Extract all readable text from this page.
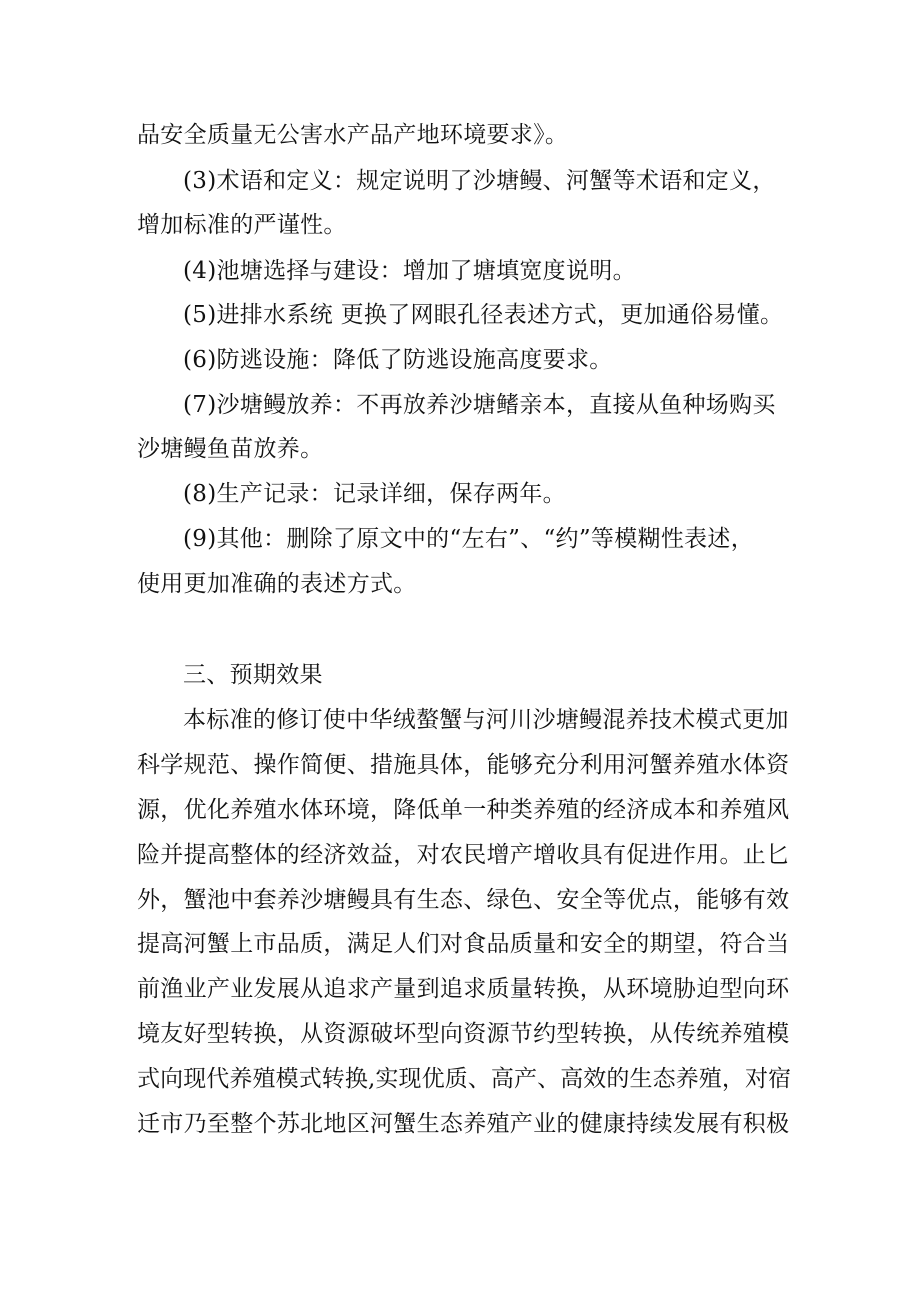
品安全质量无公害水产品产地环境要求》。
(3)术语和定义：规定说明了沙塘鳗、河蟹等术语和定义，
增加标准的严谨性。
(4)池塘选择与建设：增加了塘填宽度说明。
(5)进排水系统 更换了网眼孔径表述方式，更加通俗易懂。
(6)防逃设施：降低了防逃设施高度要求。
(7)沙塘鳗放养：不再放养沙塘鳍亲本，直接从鱼种场购买
沙塘鳗鱼苗放养。
(8)生产记录：记录详细，保存两年。
(9)其他：删除了原文中的“左右”、“约”等模糊性表述，
使用更加准确的表述方式。
三、预期效果
本标准的修订使中华绒螯蟹与河川沙塘鳗混养技术模式更加
科学规范、操作简便、措施具体，能够充分利用河蟹养殖水体资
源，优化养殖水体环境，降低单一种类养殖的经济成本和养殖风
险并提高整体的经济效益，对农民增产增收具有促进作用。止匕
外，蟹池中套养沙塘鳗具有生态、绿色、安全等优点，能够有效
提高河蟹上市品质，满足人们对食品质量和安全的期望，符合当
前渔业产业发展从追求产量到追求质量转换，从环境胁迫型向环
境友好型转换，从资源破坏型向资源节约型转换，从传统养殖模
式向现代养殖模式转换,实现优质、高产、高效的生态养殖，对宿
迁市乃至整个苏北地区河蟹生态养殖产业的健康持续发展有积极
